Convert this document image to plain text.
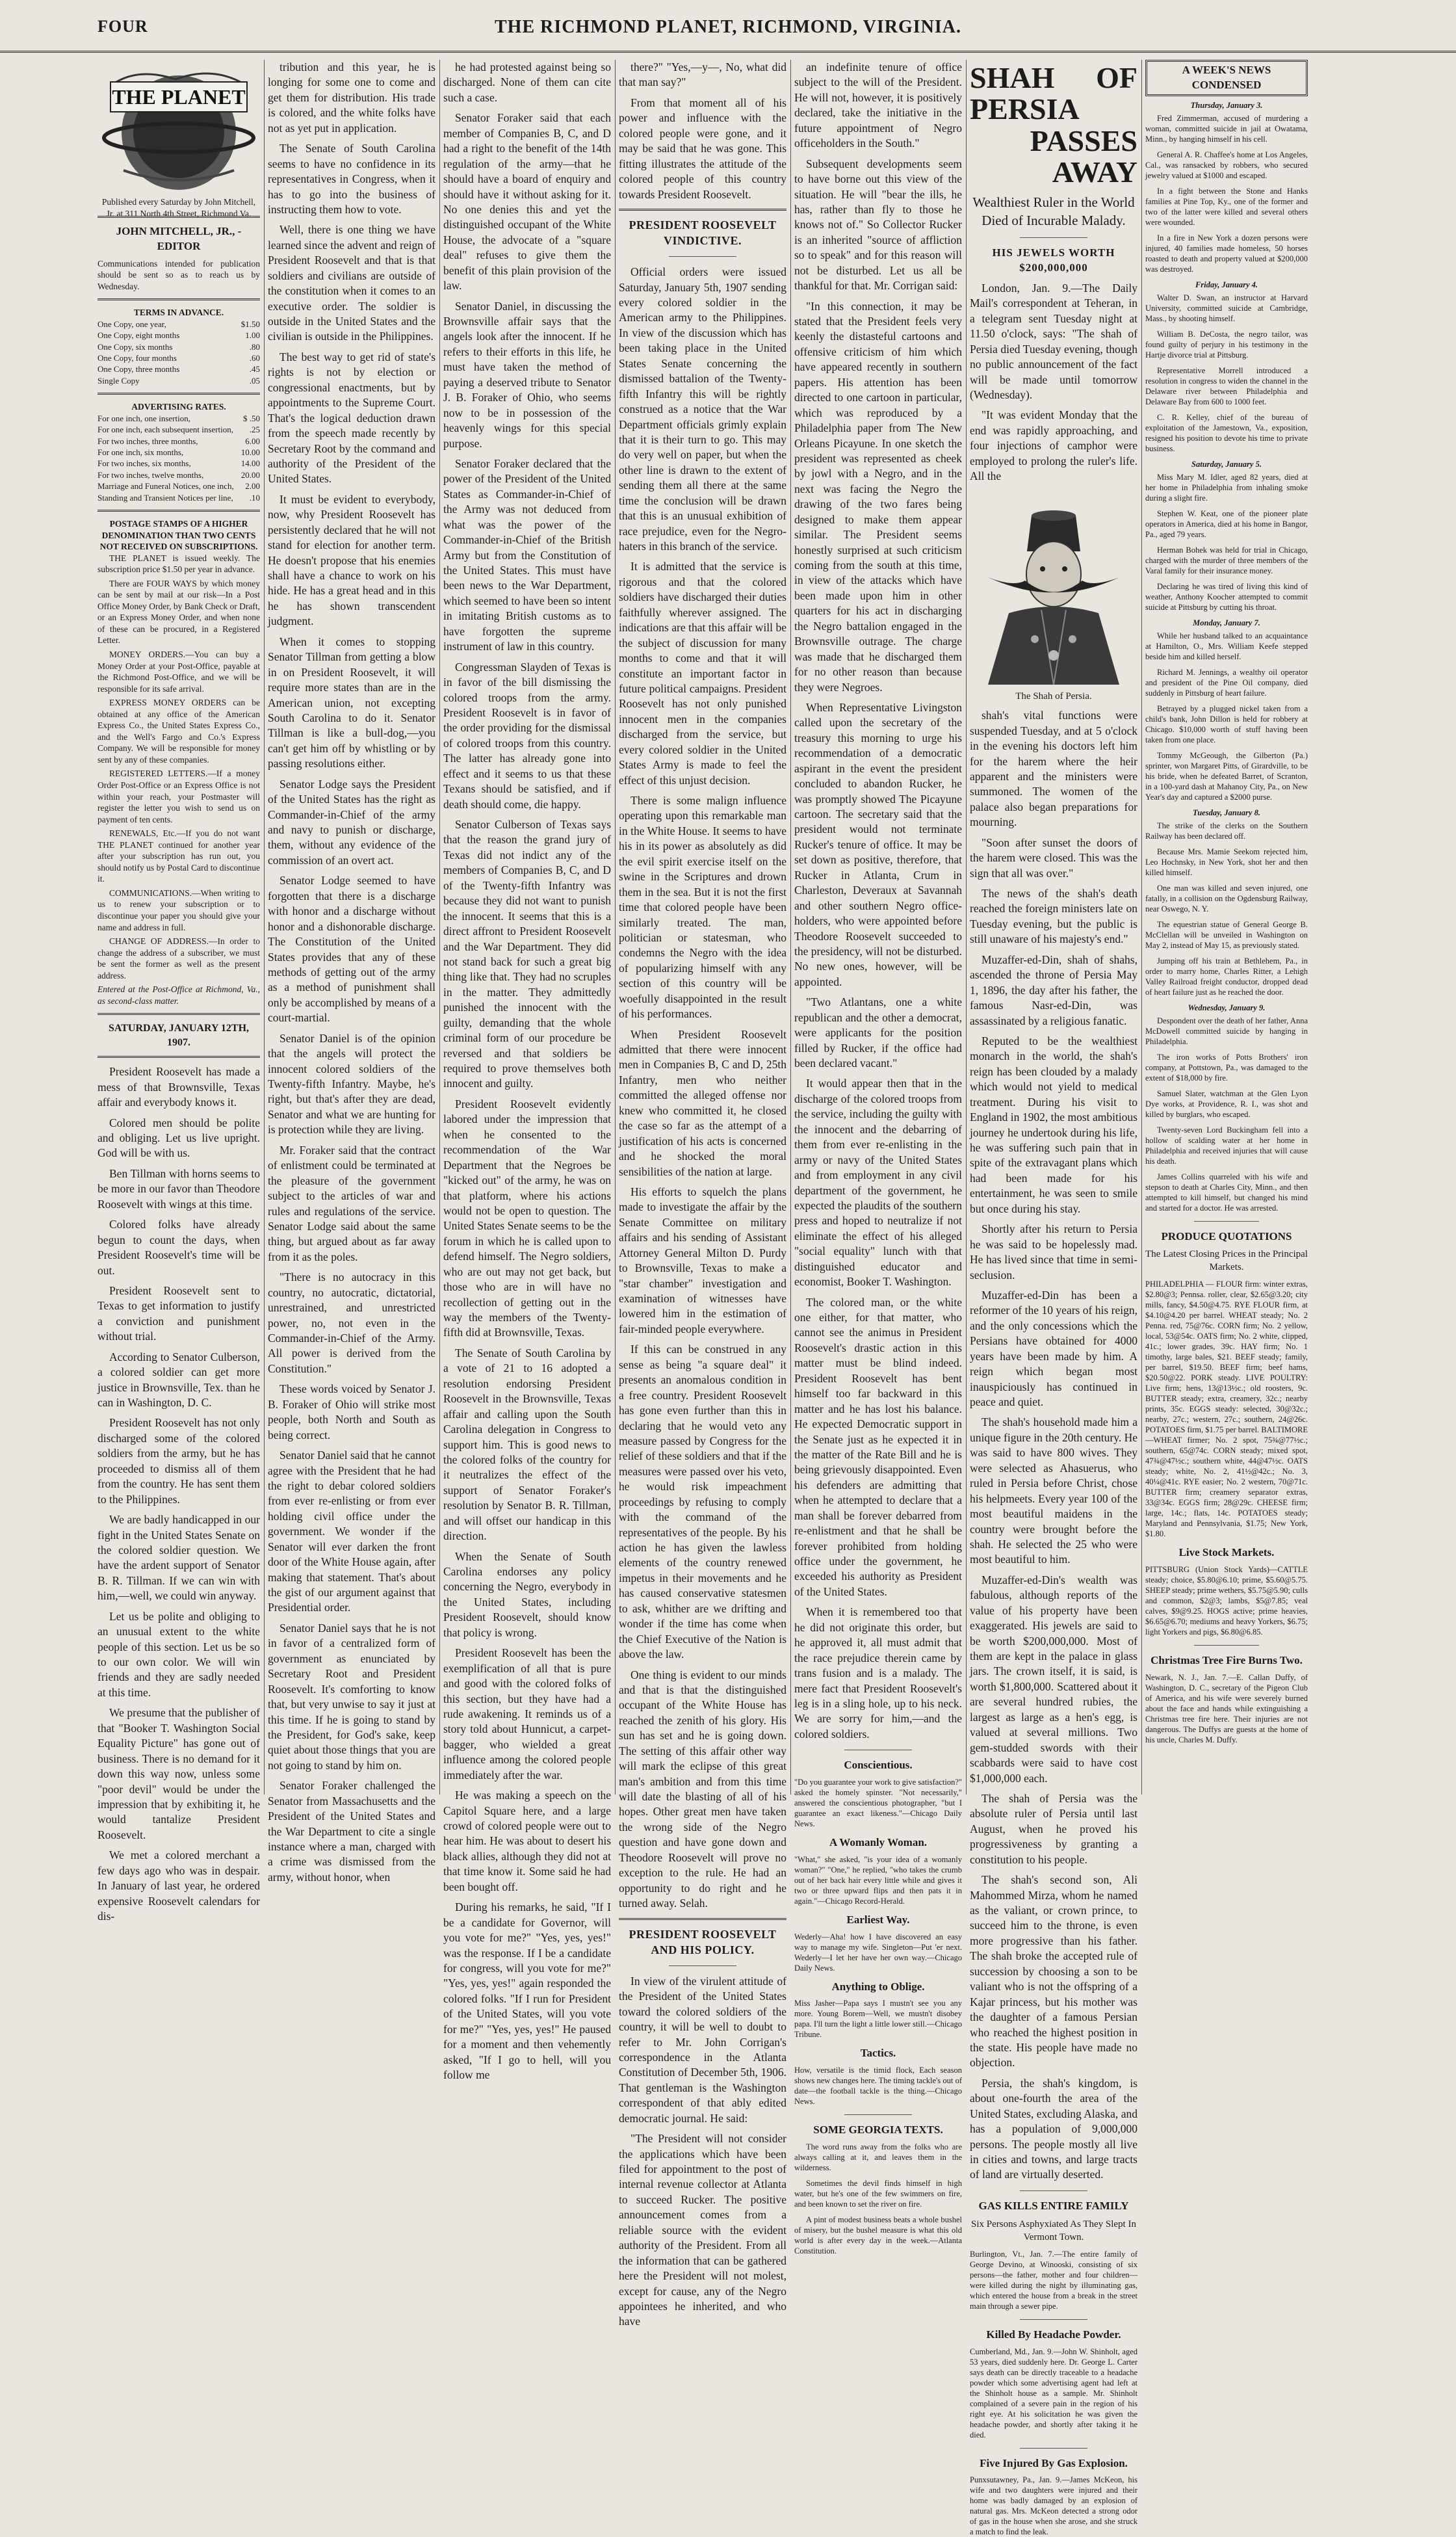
FOUR	THE RICHMOND PLANET, RICHMOND, VIRGINIA.
THE PLANET
Published every Saturday by John Mitchell, Jr. at 311 North 4th Street, Richmond Va.
JOHN MITCHELL, JR., - EDITOR
Communications intended for publication should be sent so as to reach us by Wednesday.
TERMS IN ADVANCE.
One Copy, one year,	$1.50
One Copy, eight months	1.00
One Copy, six months	.80
One Copy, four months	.60
One Copy, three months	.45
Single Copy	.05
ADVERTISING RATES.
For one inch, one insertion,	$ .50
For one inch, each subsequent insertion,	.25
For two inches, three months,	6.00
For one inch, six months,	10.00
For two inches, six months,	14.00
For two inches, twelve months,	20.00
Marriage and Funeral Notices, one inch,	2.00
Standing and Transient Notices per line,	.10
POSTAGE STAMPS OF A HIGHER DENOMINATION THAN TWO CENTS NOT RECEIVED ON SUBSCRIPTIONS.

THE PLANET is issued weekly. The subscription price $1.50 per year in advance.

There are FOUR WAYS by which money can be sent by mail at our risk—In a Post Office Money Order, by Bank Check or Draft, or an Express Money Order, and when none of these can be procured, in a Registered Letter.

MONEY ORDERS.—You can buy a Money Order at your Post-Office, payable at the Richmond Post-Office, and we will be responsible for its safe arrival.

EXPRESS MONEY ORDERS can be obtained at any office of the American Express Co., the United States Express Co., and the Well's Fargo and Co.'s Express Company. We will be responsible for money sent by any of these companies.

REGISTERED LETTERS.—If a money Order Post-Office or an Express Office is not within your reach, your Postmaster will register the letter you wish to send us on payment of ten cents.

RENEWALS, Etc.—If you do not want THE PLANET continued for another year after your subscription has run out, you should notify us by Postal Card to discontinue it.

COMMUNICATIONS.—When writing to us to renew your subscription or to discontinue your paper you should give your name and address in full.

CHANGE OF ADDRESS.—In order to change the address of a subscriber, we must be sent the former as well as the present address.

Entered at the Post-Office at Richmond, Va., as second-class matter.
SATURDAY, JANUARY 12TH, 1907.

President Roosevelt has made a mess of that Brownsville, Texas affair and everybody knows it.

Colored men should be polite and obliging. Let us live upright. God will be with us.

Ben Tillman with horns seems to be more in our favor than Theodore Roosevelt with wings at this time.

Colored folks have already begun to count the days, when President Roosevelt's time will be out.

President Roosevelt sent to Texas to get information to justify a conviction and punishment without trial.

According to Senator Culberson, a colored soldier can get more justice in Brownsville, Tex. than he can in Washington, D. C.

President Roosevelt has not only discharged some of the colored soldiers from the army, but he has proceeded to dismiss all of them from the country. He has sent them to the Philippines.

We are badly handicapped in our fight in the United States Senate on the colored soldier question. We have the ardent support of Senator B. R. Tillman. If we can win with him,—well, we could win anyway.

Let us be polite and obliging to an unusual extent to the white people of this section. Let us be so to our own color. We will win friends and they are sadly needed at this time.

We presume that the publisher of that "Booker T. Washington Social Equality Picture" has gone out of business. There is no demand for it down this way now, unless some "poor devil" would be under the impression that by exhibiting it, he would tantalize President Roosevelt.

We met a colored merchant a few days ago who was in despair. In January of last year, he ordered expensive Roosevelt calendars for dis-

tribution and this year, he is longing for some one to come and get them for distribution. His trade is colored, and the white folks have not as yet put in application.

The Senate of South Carolina seems to have no confidence in its representatives in Congress, when it has to go into the business of instructing them how to vote.

Well, there is one thing we have learned since the advent and reign of President Roosevelt and that is that soldiers and civilians are outside of the constitution when it comes to an executive order. The soldier is outside in the United States and the civilian is outside in the Philippines.

The best way to get rid of state's rights is not by election or congressional enactments, but by appointments to the Supreme Court. That's the logical deduction drawn from the speech made recently by Secretary Root by the command and authority of the President of the United States.

It must be evident to everybody, now, why President Roosevelt has persistently declared that he will not stand for election for another term. He doesn't propose that his enemies shall have a chance to work on his hide. He has a great head and in this he has shown transcendent judgment.

When it comes to stopping Senator Tillman from getting a blow in on President Roosevelt, it will require more states than are in the American union, not excepting South Carolina to do it. Senator Tillman is like a bull-dog,—you can't get him off by whistling or by passing resolutions either.

Senator Lodge says the President of the United States has the right as Commander-in-Chief of the army and navy to punish or discharge, them, without any evidence of the commission of an overt act.

Senator Lodge seemed to have forgotten that there is a discharge with honor and a discharge without honor and a dishonorable discharge. The Constitution of the United States provides that any of these methods of getting out of the army as a method of punishment shall only be accomplished by means of a court-martial.

Senator Daniel is of the opinion that the angels will protect the innocent colored soldiers of the Twenty-fifth Infantry. Maybe, he's right, but that's after they are dead, Senator and what we are hunting for is protection while they are living.

Mr. Foraker said that the contract of enlistment could be terminated at the pleasure of the government subject to the articles of war and rules and regulations of the service. Senator Lodge said about the same thing, but argued about as far away from it as the poles.

"There is no autocracy in this country, no autocratic, dictatorial, unrestrained, and unrestricted power, no, not even in the Commander-in-Chief of the Army. All power is derived from the Constitution."

These words voiced by Senator J. B. Foraker of Ohio will strike most people, both North and South as being correct.

Senator Daniel said that he cannot agree with the President that he had the right to debar colored soldiers from ever re-enlisting or from ever holding civil office under the government. We wonder if the Senator will ever darken the front door of the White House again, after making that statement. That's about the gist of our argument against that Presidential order.

Senator Daniel says that he is not in favor of a centralized form of government as enunciated by Secretary Root and President Roosevelt. It's comforting to know that, but very unwise to say it just at this time. If he is going to stand by the President, for God's sake, keep quiet about those things that you are not going to stand by him on.

Senator Foraker challenged the Senator from Massachusetts and the President of the United States and the War Department to cite a single instance where a man, charged with a crime was dismissed from the army, without honor, when

he had protested against being so discharged. None of them can cite such a case.

Senator Foraker said that each member of Companies B, C, and D had a right to the benefit of the 14th regulation of the army—that he should have a board of enquiry and should have it without asking for it. No one denies this and yet the distinguished occupant of the White House, the advocate of a "square deal" refuses to give them the benefit of this plain provision of the law.

Senator Daniel, in discussing the Brownsville affair says that the angels look after the innocent. If he refers to their efforts in this life, he must have taken the method of paying a deserved tribute to Senator J. B. Foraker of Ohio, who seems now to be in possession of the heavenly wings for this special purpose.

Senator Foraker declared that the power of the President of the United States as Commander-in-Chief of the Army was not deduced from what was the power of the Commander-in-Chief of the British Army but from the Constitution of the United States. This must have been news to the War Department, which seemed to have been so intent in imitating British customs as to have forgotten the supreme instrument of law in this country.

Congressman Slayden of Texas is in favor of the bill dismissing the colored troops from the army. President Roosevelt is in favor of the order providing for the dismissal of colored troops from this country. The latter has already gone into effect and it seems to us that these Texans should be satisfied, and if death should come, die happy.

Senator Culberson of Texas says that the reason the grand jury of Texas did not indict any of the members of Companies B, C, and D of the Twenty-fifth Infantry was because they did not want to punish the innocent. It seems that this is a direct affront to President Roosevelt and the War Department. They did not stand back for such a great big thing like that. They had no scruples in the matter. They admittedly punished the innocent with the guilty, demanding that the whole criminal form of our procedure be reversed and that soldiers be required to prove themselves both innocent and guilty.

President Roosevelt evidently labored under the impression that when he consented to the recommendation of the War Department that the Negroes be "kicked out" of the army, he was on that platform, where his actions would not be open to question. The United States Senate seems to be the forum in which he is called upon to defend himself. The Negro soldiers, who are out may not get back, but those who are in will have no recollection of getting out in the way the members of the Twenty-fifth did at Brownsville, Texas.

The Senate of South Carolina by a vote of 21 to 16 adopted a resolution endorsing President Roosevelt in the Brownsville, Texas affair and calling upon the South Carolina delegation in Congress to support him. This is good news to the colored folks of the country for it neutralizes the effect of the support of Senator Foraker's resolution by Senator B. R. Tillman, and will offset our handicap in this direction.

When the Senate of South Carolina endorses any policy concerning the Negro, everybody in the United States, including President Roosevelt, should know that policy is wrong.

President Roosevelt has been the exemplification of all that is pure and good with the colored folks of this section, but they have had a rude awakening. It reminds us of a story told about Hunnicut, a carpet-bagger, who wielded a great influence among the colored people immediately after the war.

He was making a speech on the Capitol Square here, and a large crowd of colored people were out to hear him. He was about to desert his black allies, although they did not at that time know it. Some said he had been bought off.

During his remarks, he said, "If I be a candidate for Governor, will you vote for me?" "Yes, yes, yes!" was the response. If I be a candidate for congress, will you vote for me?" "Yes, yes, yes!" again responded the colored folks. "If I run for President of the United States, will you vote for me?" "Yes, yes, yes!" He paused for a moment and then vehemently asked, "If I go to hell, will you follow me

there?" "Yes,—y—, No, what did that man say?"

From that moment all of his power and influence with the colored people were gone, and it may be said that he was gone. This fitting illustrates the attitude of the colored people of this country towards President Roosevelt.

PRESIDENT ROOSEVELT VINDICTIVE.

Official orders were issued Saturday, January 5th, 1907 sending every colored soldier in the American army to the Philippines. In view of the discussion which has been taking place in the United States Senate concerning the dismissed battalion of the Twenty-fifth Infantry this will be rightly construed as a notice that the War Department officials grimly explain that it is their turn to go. This may do very well on paper, but when the other line is drawn to the extent of sending them all there at the same time the conclusion will be drawn that this is an unusual exhibition of race prejudice, even for the Negro-haters in this branch of the service.

It is admitted that the service is rigorous and that the colored soldiers have discharged their duties faithfully wherever assigned. The indications are that this affair will be the subject of discussion for many months to come and that it will constitute an important factor in future political campaigns. President Roosevelt has not only punished innocent men in the companies discharged from the service, but every colored soldier in the United States Army is made to feel the effect of this unjust decision.

There is some malign influence operating upon this remarkable man in the White House. It seems to have his in its power as absolutely as did the evil spirit exercise itself on the swine in the Scriptures and drown them in the sea. But it is not the first time that colored people have been similarly treated. The man, politician or statesman, who condemns the Negro with the idea of popularizing himself with any section of this country will be woefully disappointed in the result of his performances.

When President Roosevelt admitted that there were innocent men in Companies B, C and D, 25th Infantry, men who neither committed the alleged offense nor knew who committed it, he closed the case so far as the attempt of a justification of his acts is concerned and he shocked the moral sensibilities of the nation at large.

His efforts to squelch the plans made to investigate the affair by the Senate Committee on military affairs and his sending of Assistant Attorney General Milton D. Purdy to Brownsville, Texas to make a "star chamber" investigation and examination of witnesses have lowered him in the estimation of fair-minded people everywhere.

If this can be construed in any sense as being "a square deal" it presents an anomalous condition in a free country. President Roosevelt has gone even further than this in declaring that he would veto any measure passed by Congress for the relief of these soldiers and that if the measures were passed over his veto, he would risk impeachment proceedings by refusing to comply with the command of the representatives of the people. By his action he has given the lawless elements of the country renewed impetus in their movements and he has caused conservative statesmen to ask, whither are we drifting and wonder if the time has come when the Chief Executive of the Nation is above the law.

One thing is evident to our minds and that is that the distinguished occupant of the White House has reached the zenith of his glory. His sun has set and he is going down. The setting of this affair other way will mark the eclipse of this great man's ambition and from this time will date the blasting of all of his hopes. Other great men have taken the wrong side of the Negro question and have gone down and Theodore Roosevelt will prove no exception to the rule. He had an opportunity to do right and he turned away. Selah.

PRESIDENT ROOSEVELT AND HIS POLICY.

In view of the virulent attitude of the President of the United States toward the colored soldiers of the country, it will be well to doubt to refer to Mr. John Corrigan's correspondence in the Atlanta Constitution of December 5th, 1906. That gentleman is the Washington correspondent of that ably edited democratic journal. He said:

"The President will not consider the applications which have been filed for appointment to the post of internal revenue collector at Atlanta to succeed Rucker. The positive announcement comes from a reliable source with the evident authority of the President. From all the information that can be gathered here the President will not molest, except for cause, any of the Negro appointees he inherited, and who have

an indefinite tenure of office subject to the will of the President. He will not, however, it is positively declared, take the initiative in the future appointment of Negro officeholders in the South."

Subsequent developments seem to have borne out this view of the situation. He will "bear the ills, he has, rather than fly to those he knows not of." So Collector Rucker is an inherited "source of affliction so to speak" and for this reason will not be disturbed. Let us all be thankful for that. Mr. Corrigan said:

"In this connection, it may be stated that the President feels very keenly the distasteful cartoons and offensive criticism of him which have appeared recently in southern papers. His attention has been directed to one cartoon in particular, which was reproduced by a Philadelphia paper from The New Orleans Picayune. In one sketch the president was represented as cheek by jowl with a Negro, and in the next was facing the Negro the drawing of the two fares being designed to make them appear similar. The President seems honestly surprised at such criticism coming from the south at this time, in view of the attacks which have been made upon him in other quarters for his act in discharging the Negro battalion engaged in the Brownsville outrage. The charge was made that he discharged them for no other reason than because they were Negroes.

When Representative Livingston called upon the secretary of the treasury this morning to urge his recommendation of a democratic aspirant in the event the president concluded to abandon Rucker, he was promptly showed The Picayune cartoon. The secretary said that the president would not terminate Rucker's tenure of office. It may be set down as positive, therefore, that Rucker in Atlanta, Crum in Charleston, Deveraux at Savannah and other southern Negro office-holders, who were appointed before Theodore Roosevelt succeeded to the presidency, will not be disturbed. No new ones, however, will be appointed.

"Two Atlantans, one a white republican and the other a democrat, were applicants for the position filled by Rucker, if the office had been declared vacant."

It would appear then that in the discharge of the colored troops from the service, including the guilty with the innocent and the debarring of them from ever re-enlisting in the army or navy of the United States and from employment in any civil department of the government, he expected the plaudits of the southern press and hoped to neutralize if not eliminate the effect of his alleged "social equality" lunch with that distinguished educator and economist, Booker T. Washington.

The colored man, or the white one either, for that matter, who cannot see the animus in President Roosevelt's drastic action in this matter must be blind indeed. President Roosevelt has bent himself too far backward in this matter and he has lost his balance. He expected Democratic support in the Senate just as he expected it in the matter of the Rate Bill and he is being grievously disappointed. Even his defenders are admitting that when he attempted to declare that a man shall be forever debarred from re-enlistment and that he shall be forever prohibited from holding office under the government, he exceeded his authority as President of the United States.

When it is remembered too that he did not originate this order, but he approved it, all must admit that the race prejudice therein came by trans fusion and is a malady. The mere fact that President Roosevelt's leg is in a sling hole, up to his neck. We are sorry for him,—and the colored soldiers.

Conscientious.
"Do you guarantee your work to give satisfaction?" asked the homely spinster. "Not necessarily," answered the conscientious photographer, "but I guarantee an exact likeness."—Chicago Daily News.
A Womanly Woman.
"What," she asked, "is your idea of a womanly woman?" "One," he replied, "who takes the crumb out of her back hair every little while and gives it two or three upward flips and then pats it in again."—Chicago Record-Herald.
Earliest Way.
Wederly—Aha! how I have discovered an easy way to manage my wife. Singleton—Put 'er next. Wederly—I let her have her own way.—Chicago Daily News.
Anything to Oblige.
Miss Jasher—Papa says I mustn't see you any more. Young Borem—Well, we mustn't disobey papa. I'll turn the light a little lower still.—Chicago Tribune.
Tactics.
How, versatile is the timid flock, Each season shows new changes here. The timing tackle's out of date—the football tackle is the thing.—Chicago News.
SOME GEORGIA TEXTS.

The word runs away from the folks who are always calling at it, and leaves them in the wilderness.

Sometimes the devil finds himself in high water, but he's one of the few swimmers on fire, and been known to set the river on fire.

A pint of modest business beats a whole bushel of misery, but the bushel measure is what this old world is after every day in the week.—Atlanta Constitution.

SHAH OF PERSIA
PASSES AWAY
Wealthiest Ruler in the World Died of Incurable Malady.
HIS JEWELS WORTH $200,000,000

London, Jan. 9.—The Daily Mail's correspondent at Teheran, in a telegram sent Tuesday night at 11.50 o'clock, says: "The shah of Persia died Tuesday evening, though no public announcement of the fact will be made until tomorrow (Wednesday).

"It was evident Monday that the end was rapidly approaching, and four injections of camphor were employed to prolong the ruler's life. All the

The Shah of Persia.

shah's vital functions were suspended Tuesday, and at 5 o'clock in the evening his doctors left him for the harem where the heir apparent and the ministers were summoned. The women of the palace also began preparations for mourning.

"Soon after sunset the doors of the harem were closed. This was the sign that all was over."

The news of the shah's death reached the foreign ministers late on Tuesday evening, but the public is still unaware of his majesty's end."

Muzaffer-ed-Din, shah of shahs, ascended the throne of Persia May 1, 1896, the day after his father, the famous Nasr-ed-Din, was assassinated by a religious fanatic.

Reputed to be the wealthiest monarch in the world, the shah's reign has been clouded by a malady which would not yield to medical treatment. During his visit to England in 1902, the most ambitious journey he undertook during his life, he was suffering such pain that in spite of the extravagant plans which had been made for his entertainment, he was seen to smile but once during his stay.

Shortly after his return to Persia he was said to be hopelessly mad. He has lived since that time in semi-seclusion.

Muzaffer-ed-Din has been a reformer of the 10 years of his reign, and the only concessions which the Persians have obtained for 4000 years have been made by him. A reign which began most inauspiciously has continued in peace and quiet.

The shah's household made him a unique figure in the 20th century. He was said to have 800 wives. They were selected as Ahasuerus, who ruled in Persia before Christ, chose his helpmeets. Every year 100 of the most beautiful maidens in the country were brought before the shah. He selected the 25 who were most beautiful to him.

Muzaffer-ed-Din's wealth was fabulous, although reports of the value of his property have been exaggerated. His jewels are said to be worth $200,000,000. Most of them are kept in the palace in glass jars. The crown itself, it is said, is worth $1,800,000. Scattered about it are several hundred rubies, the largest as large as a hen's egg, is valued at several millions. Two gem-studded swords with their scabbards were said to have cost $1,000,000 each.

The shah of Persia was the absolute ruler of Persia until last August, when he proved his progressiveness by granting a constitution to his people.

The shah's second son, Ali Mahommed Mirza, whom he named as the valiant, or crown prince, to succeed him to the throne, is even more progressive than his father. The shah broke the accepted rule of succession by choosing a son to be valiant who is not the offspring of a Kajar princess, but his mother was the daughter of a famous Persian who reached the highest position in the state. His people have made no objection.

Persia, the shah's kingdom, is about one-fourth the area of the United States, excluding Alaska, and has a population of 9,000,000 persons. The people mostly all live in cities and towns, and large tracts of land are virtually deserted.

GAS KILLS ENTIRE FAMILY
Six Persons Asphyxiated As They Slept In Vermont Town.
Burlington, Vt., Jan. 7.—The entire family of George Devino, at Winooski, consisting of six persons—the father, mother and four children—were killed during the night by illuminating gas, which entered the house from a break in the street main through a sewer pipe.
Killed By Headache Powder.
Cumberland, Md., Jan. 9.—John W. Shinholt, aged 53 years, died suddenly here. Dr. George L. Carter says death can be directly traceable to a headache powder which some advertising agent had left at the Shinholt house as a sample. Mr. Shinholt complained of a severe pain in the region of his right eye. At his solicitation he was given the headache powder, and shortly after taking it he died.
Five Injured By Gas Explosion.
Punxsutawney, Pa., Jan. 9.—James McKeon, his wife and two daughters were injured and their home was badly damaged by an explosion of natural gas. Mrs. McKeon detected a strong odor of gas in the house when she arose, and she struck a match to find the leak.
A WEEK'S NEWS CONDENSED
Thursday, January 3.

Fred Zimmerman, accused of murdering a woman, committed suicide in jail at Owatama, Minn., by hanging himself in his cell.

General A. R. Chaffee's home at Los Angeles, Cal., was ransacked by robbers, who secured jewelry valued at $1000 and escaped.

In a fight between the Stone and Hanks families at Pine Top, Ky., one of the former and two of the latter were killed and several others were wounded.

In a fire in New York a dozen persons were injured, 40 families made homeless, 50 horses roasted to death and property valued at $200,000 was destroyed.

Friday, January 4.

Walter D. Swan, an instructor at Harvard University, committed suicide at Cambridge, Mass., by shooting himself.

William B. DeCosta, the negro tailor, was found guilty of perjury in his testimony in the Hartje divorce trial at Pittsburg.

Representative Morrell introduced a resolution in congress to widen the channel in the Delaware river between Philadelphia and Delaware Bay from 600 to 1000 feet.

C. R. Kelley, chief of the bureau of exploitation of the Jamestown, Va., exposition, resigned his position to devote his time to private business.

Saturday, January 5.

Miss Mary M. Idler, aged 82 years, died at her home in Philadelphia from inhaling smoke during a slight fire.

Stephen W. Keat, one of the pioneer plate operators in America, died at his home in Bangor, Pa., aged 79 years.

Herman Bohek was held for trial in Chicago, charged with the murder of three members of the Varal family for their insurance money.

Declaring he was tired of living this kind of weather, Anthony Koocher attempted to commit suicide at Pittsburg by cutting his throat.

Monday, January 7.

While her husband talked to an acquaintance at Hamilton, O., Mrs. William Keefe stepped beside him and killed herself.

Richard M. Jennings, a wealthy oil operator and president of the Pine Oil company, died suddenly in Pittsburg of heart failure.

Betrayed by a plugged nickel taken from a child's bank, John Dillon is held for robbery at Chicago. $10,000 worth of stuff having been taken from one place.

Tommy McGeough, the Gilberton (Pa.) sprinter, won Margaret Pitts, of Girardville, to be his bride, when he defeated Barret, of Scranton, in a 100-yard dash at Mahanoy City, Pa., on New Year's day and captured a $2000 purse.

Tuesday, January 8.

The strike of the clerks on the Southern Railway has been declared off.

Because Mrs. Mamie Seekom rejected him, Leo Hochnsky, in New York, shot her and then killed himself.

One man was killed and seven injured, one fatally, in a collision on the Ogdensburg Railway, near Oswego, N. Y.

The equestrian statue of General George B. McClellan will be unveiled in Washington on May 2, instead of May 15, as previously stated.

Jumping off his train at Bethlehem, Pa., in order to marry home, Charles Ritter, a Lehigh Valley Railroad freight conductor, dropped dead of heart failure just as he reached the door.

Wednesday, January 9.

Despondent over the death of her father, Anna McDowell committed suicide by hanging in Philadelphia.

The iron works of Potts Brothers' iron company, at Pottstown, Pa., was damaged to the extent of $18,000 by fire.

Samuel Slater, watchman at the Glen Lyon Dye works, at Providence, R. I., was shot and killed by burglars, who escaped.

Twenty-seven Lord Buckingham fell into a hollow of scalding water at her home in Philadelphia and received injuries that will cause his death.

James Collins quarreled with his wife and stepson to death at Charles City, Minn., and then attempted to kill himself, but changed his mind and started for a doctor. He was arrested.

PRODUCE QUOTATIONS
The Latest Closing Prices in the Principal Markets.
PHILADELPHIA — FLOUR firm: winter extras, $2.80@3; Pennsa. roller, clear, $2.65@3.20; city mills, fancy, $4.50@4.75. RYE FLOUR firm, at $4.10@4.20 per barrel. WHEAT steady; No. 2 Penna. red, 75@76c. CORN firm; No. 2 yellow, local, 53@54c. OATS firm; No. 2 white, clipped, 41c.; lower grades, 39c. HAY firm; No. 1 timothy, large bales, $21. BEEF steady; family, per barrel, $19.50. BEEF firm; beef hams, $20.50@22. PORK steady. LIVE POULTRY: Live firm; hens, 13@13½c.; old roosters, 9c. BUTTER steady; extra, creamery, 32c.; nearby prints, 35c. EGGS steady: selected, 30@32c.; nearby, 27c.; western, 27c.; southern, 24@26c. POTATOES firm, $1.75 per barrel. BALTIMORE—WHEAT firmer; No. 2 spot, 75¾@77½c.; southern, 65@74c. CORN steady; mixed spot, 47¾@47½c.; southern white, 44@47½c. OATS steady; white, No. 2, 41½@42c.; No. 3, 40¼@41c. RYE easier; No. 2 western, 70@71c. BUTTER firm; creamery separator extras, 33@34c. EGGS firm; 28@29c. CHEESE firm; large, 14c.; flats, 14c. POTATOES steady; Maryland and Pennsylvania, $1.75; New York, $1.80.
Live Stock Markets.
PITTSBURG (Union Stock Yards)—CATTLE steady; choice, $5.80@6.10; prime, $5.60@5.75. SHEEP steady; prime wethers, $5.75@5.90; culls and common, $2@3; lambs, $5@7.85; veal calves, $9@9.25. HOGS active; prime heavies, $6.65@6.70; mediums and heavy Yorkers, $6.75; light Yorkers and pigs, $6.80@6.85.
Christmas Tree Fire Burns Two.
Newark, N. J., Jan. 7.—E. Callan Duffy, of Washington, D. C., secretary of the Pigeon Club of America, and his wife were severely burned about the face and hands while extinguishing a Christmas tree fire here. Their injuries are not dangerous. The Duffys are guests at the home of his uncle, Charles M. Duffy.
